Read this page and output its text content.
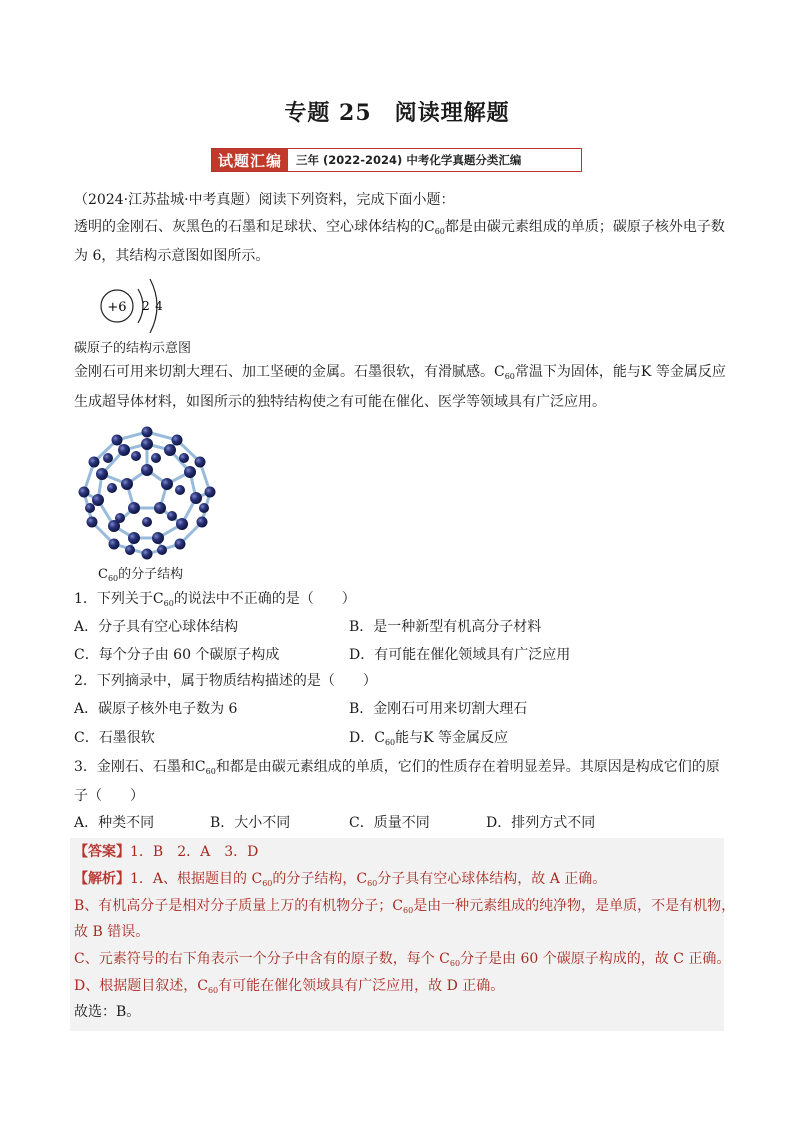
专题 25　阅读理解题
试题汇编	三年 (2022-2024) 中考化学真题分类汇编
（2024·江苏盐城·中考真题）阅读下列资料，完成下面小题：
透明的金刚石、灰黑色的石墨和足球状、空心球体结构的$C_{60}$都是由碳元素组成的单质；碳原子核外电子数
为 6，其结构示意图如图所示。
+6 2 4
碳原子的结构示意图
金刚石可用来切割大理石、加工坚硬的金属。石墨很软，有滑腻感。$C_{60}$常温下为固体，能与K 等金属反应
生成超导体材料，如图所示的独特结构使之有可能在催化、医学等领域具有广泛应用。
$C_{60}$的分子结构
1．下列关于$C_{60}$的说法中不正确的是（　　）
A．分子具有空心球体结构	B．是一种新型有机高分子材料
C．每个分子由 60 个碳原子构成	D．有可能在催化领域具有广泛应用
2．下列摘录中，属于物质结构描述的是（　　）
A．碳原子核外电子数为 6	B．金刚石可用来切割大理石
C．石墨很软	D．$C_{60}$能与K 等金属反应
3．金刚石、石墨和$C_{60}$和都是由碳元素组成的单质，它们的性质存在着明显差异。其原因是构成它们的原
子（　　）
A．种类不同	B．大小不同	C．质量不同	D．排列方式不同
【答案】1．B　2．A　3．D
【解析】1．A、根据题目的 $C_{60}$的分子结构，$C_{60}$分子具有空心球体结构，故 A 正确。
B、有机高分子是相对分子质量上万的有机物分子；$C_{60}$是由一种元素组成的纯净物，是单质，不是有机物，
故 B 错误。
C、元素符号的右下角表示一个分子中含有的原子数，每个 $C_{60}$分子是由 60 个碳原子构成的，故 C 正确。
D、根据题目叙述，$C_{60}$有可能在催化领域具有广泛应用，故 D 正确。
故选：B。
